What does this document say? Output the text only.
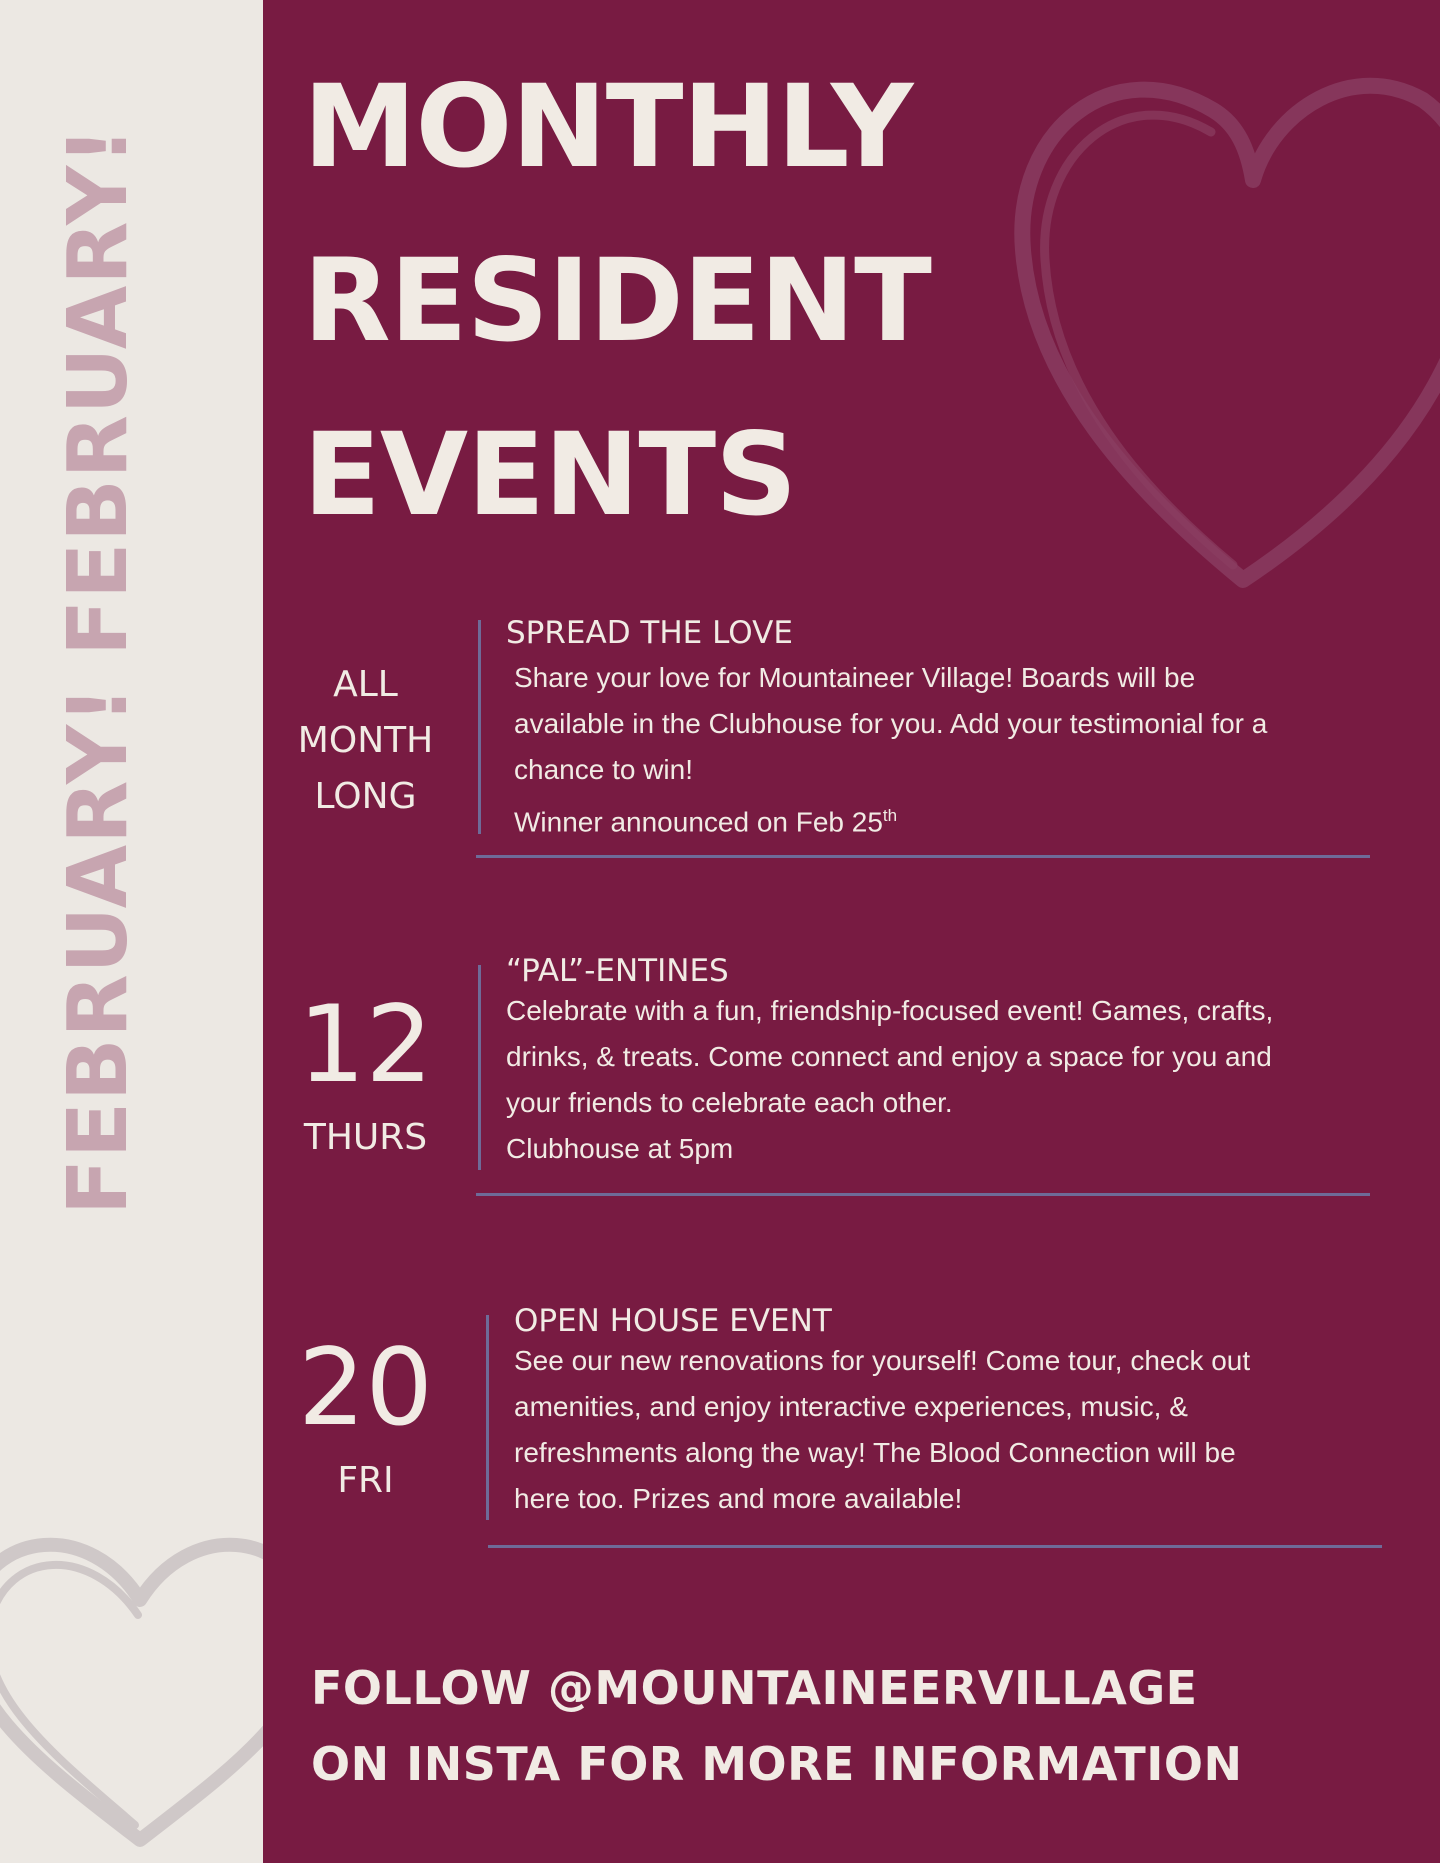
FEBRUARY! FEBRUARY! MONTHLY
RESIDENT
EVENTS
ALL
MONTH
LONG
SPREAD THE LOVE
Share your love for Mountaineer Village! Boards will be
available in the Clubhouse for you. Add your testimonial for a
chance to win!
Winner announced on Feb 25th
12
THURS
“PAL”-ENTINES
Celebrate with a fun, friendship-focused event! Games, crafts,
drinks, & treats. Come connect and enjoy a space for you and
your friends to celebrate each other.
Clubhouse at 5pm
20
FRI
OPEN HOUSE EVENT
See our new renovations for yourself! Come tour, check out
amenities, and enjoy interactive experiences, music, &
refreshments along the way! The Blood Connection will be
here too. Prizes and more available!
FOLLOW @MOUNTAINEERVILLAGE
ON INSTA FOR MORE INFORMATION
